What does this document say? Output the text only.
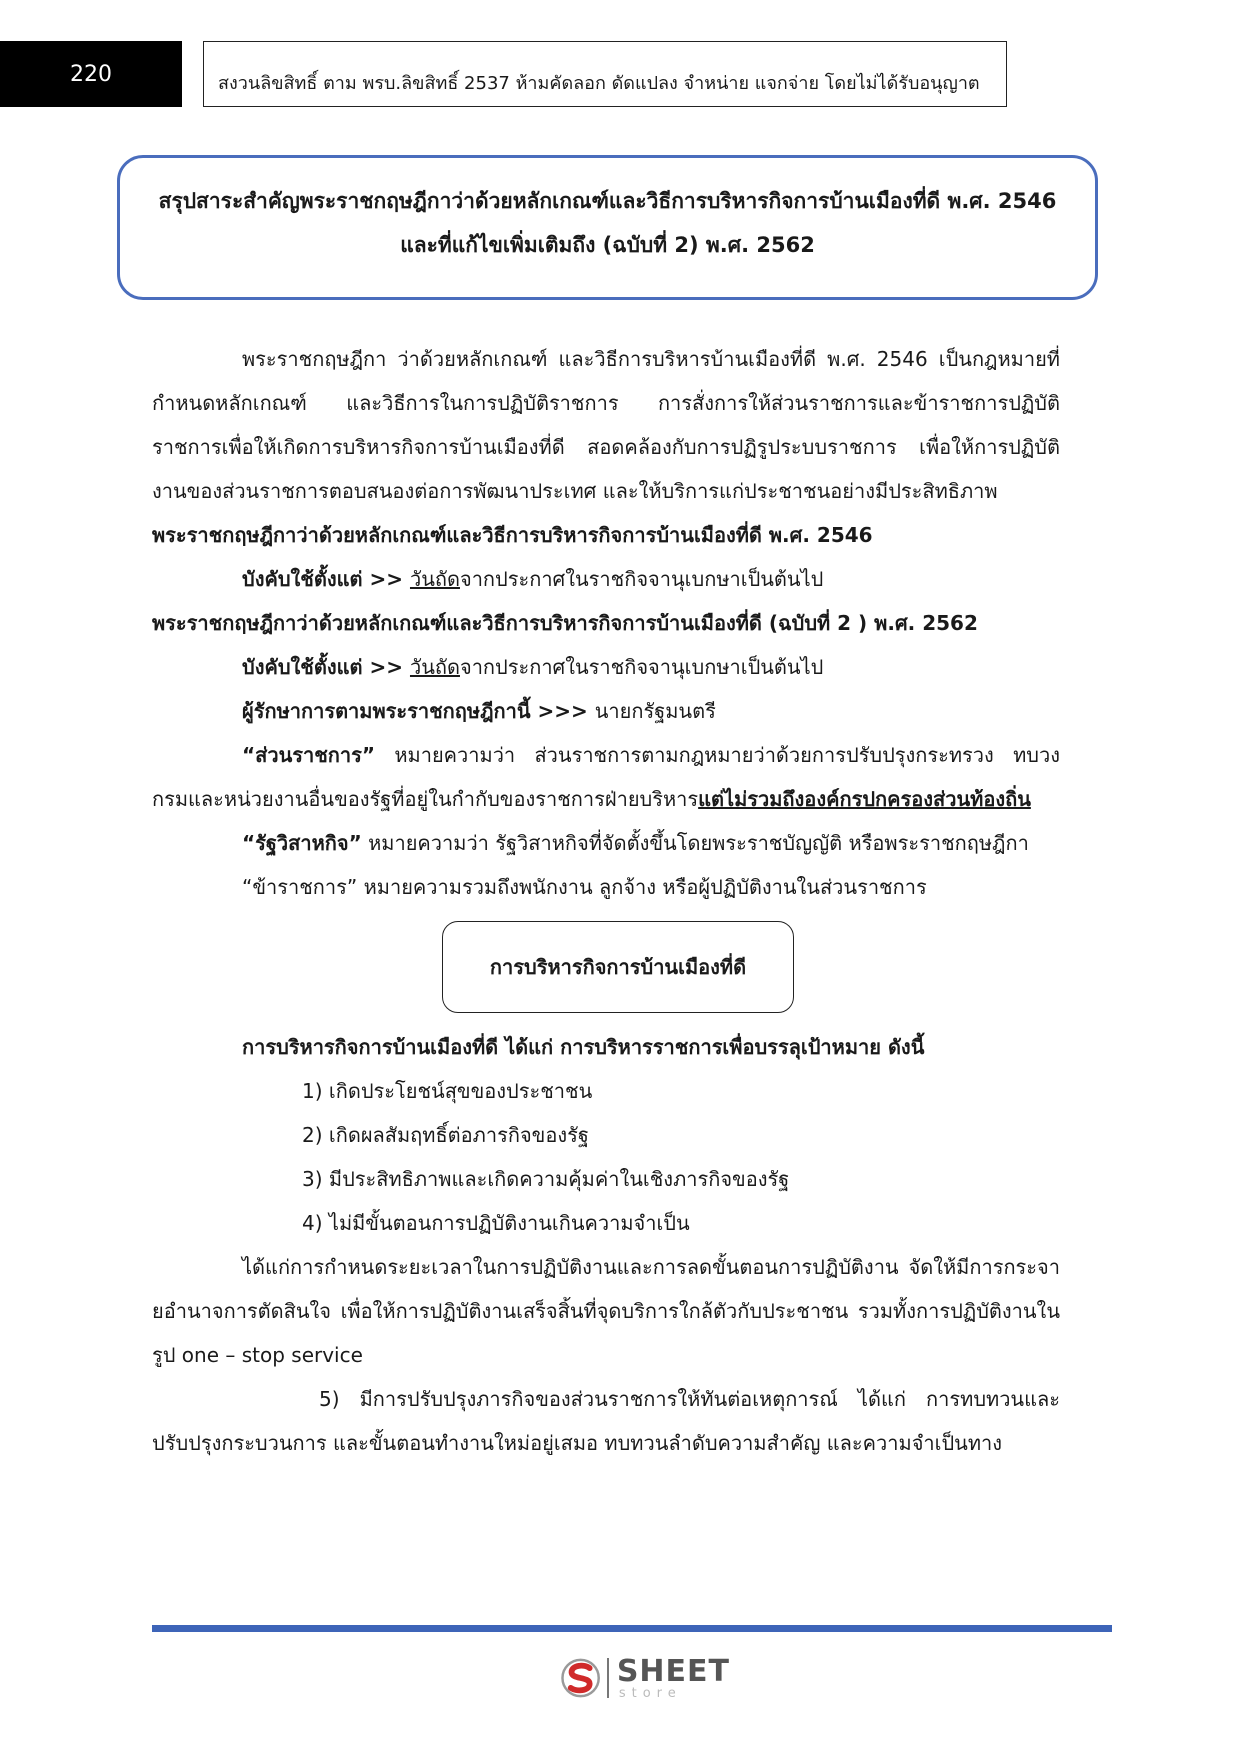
220	สงวนลิขสิทธิ์ ตาม พรบ.ลิขสิทธิ์ 2537 ห้ามคัดลอก ดัดแปลง จำหน่าย แจกจ่าย โดยไม่ได้รับอนุญาต
สรุปสาระสำคัญพระราชกฤษฎีกาว่าด้วยหลักเกณฑ์และวิธีการบริหารกิจการบ้านเมืองที่ดี พ.ศ. 2546
และที่แก้ไขเพิ่มเติมถึง (ฉบับที่ 2) พ.ศ. 2562

พระราชกฤษฎีกา ว่าด้วยหลักเกณฑ์ และวิธีการบริหารบ้านเมืองที่ดี พ.ศ. 2546 เป็นกฎหมายที่กำหนดหลักเกณฑ์ และวิธีการในการปฏิบัติราชการ การสั่งการให้ส่วนราชการและข้าราชการปฏิบัติราชการเพื่อให้เกิดการบริหารกิจการบ้านเมืองที่ดี สอดคล้องกับการปฏิรูประบบราชการ เพื่อให้การปฏิบัติงานของส่วนราชการตอบสนองต่อการพัฒนาประเทศ และให้บริการแก่ประชาชนอย่างมีประสิทธิภาพ

พระราชกฤษฎีกาว่าด้วยหลักเกณฑ์และวิธีการบริหารกิจการบ้านเมืองที่ดี พ.ศ. 2546

บังคับใช้ตั้งแต่ >> วันถัดจากประกาศในราชกิจจานุเบกษาเป็นต้นไป

พระราชกฤษฎีกาว่าด้วยหลักเกณฑ์และวิธีการบริหารกิจการบ้านเมืองที่ดี (ฉบับที่ 2 ) พ.ศ. 2562

บังคับใช้ตั้งแต่ >> วันถัดจากประกาศในราชกิจจานุเบกษาเป็นต้นไป

ผู้รักษาการตามพระราชกฤษฎีกานี้ >>> นายกรัฐมนตรี

“ส่วนราชการ” หมายความว่า ส่วนราชการตามกฎหมายว่าด้วยการปรับปรุงกระทรวง ทบวง กรมและหน่วยงานอื่นของรัฐที่อยู่ในกำกับของราชการฝ่ายบริหารแต่ไม่รวมถึงองค์กรปกครองส่วนท้องถิ่น

“รัฐวิสาหกิจ” หมายความว่า รัฐวิสาหกิจที่จัดตั้งขึ้นโดยพระราชบัญญัติ หรือพระราชกฤษฎีกา

“ข้าราชการ” หมายความรวมถึงพนักงาน ลูกจ้าง หรือผู้ปฏิบัติงานในส่วนราชการ

การบริหารกิจการบ้านเมืองที่ดี

การบริหารกิจการบ้านเมืองที่ดี ได้แก่ การบริหารราชการเพื่อบรรลุเป้าหมาย ดังนี้

1) เกิดประโยชน์สุขของประชาชน

2) เกิดผลสัมฤทธิ์ต่อภารกิจของรัฐ

3) มีประสิทธิภาพและเกิดความคุ้มค่าในเชิงภารกิจของรัฐ

4) ไม่มีขั้นตอนการปฏิบัติงานเกินความจำเป็น

ได้แก่การกำหนดระยะเวลาในการปฏิบัติงานและการลดขั้นตอนการปฏิบัติงาน จัดให้มีการกระจายอำนาจการตัดสินใจ เพื่อให้การปฏิบัติงานเสร็จสิ้นที่จุดบริการใกล้ตัวกับประชาชน รวมทั้งการปฏิบัติงานในรูป one – stop service

5) มีการปรับปรุงภารกิจของส่วนราชการให้ทันต่อเหตุการณ์ ได้แก่ การทบทวนและปรับปรุงกระบวนการ และขั้นตอนทำงานใหม่อยู่เสมอ ทบทวนลำดับความสำคัญ และความจำเป็นทาง

SHEET
store
